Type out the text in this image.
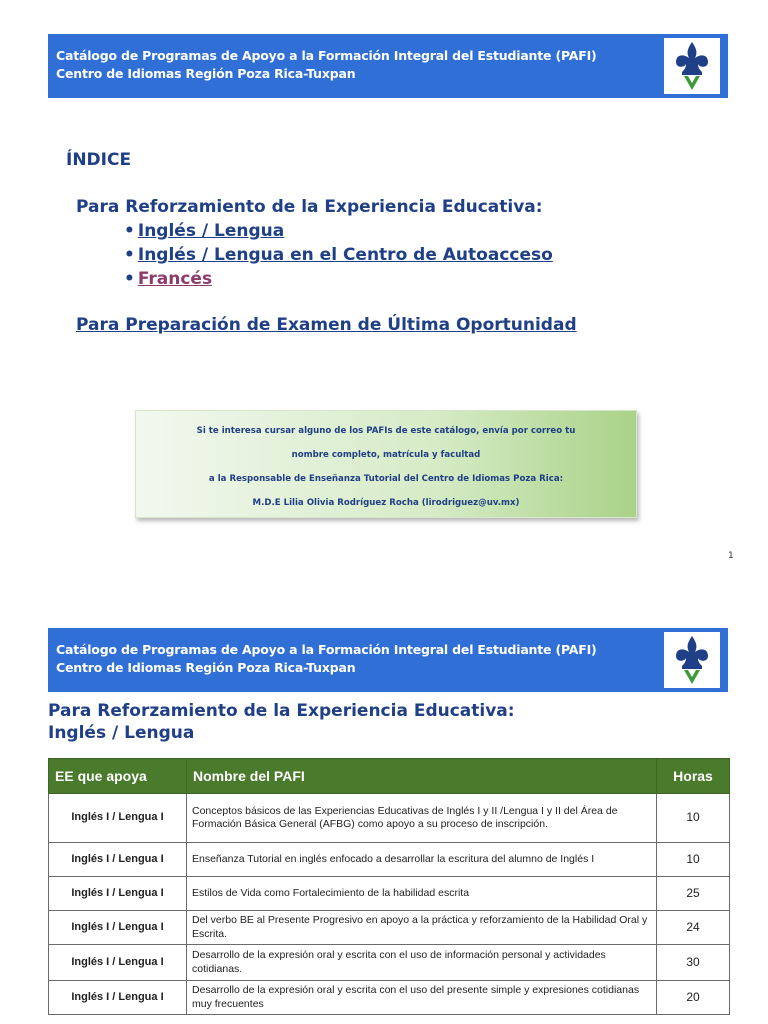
Catálogo de Programas de Apoyo a la Formación Integral del Estudiante (PAFI)
Centro de Idiomas Región Poza Rica-Tuxpan
ÍNDICE
Para Reforzamiento de la Experiencia Educativa:
• Inglés / Lengua
• Inglés / Lengua en el Centro de Autoacceso
• Francés
Para Preparación de Examen de Última Oportunidad
Si te interesa cursar alguno de los PAFIs de este catálogo, envía por correo tu
nombre completo, matrícula y facultad
a la Responsable de Enseñanza Tutorial del Centro de Idiomas Poza Rica:
M.D.E Lilia Olivia Rodríguez Rocha (lirodriguez@uv.mx)
1
Catálogo de Programas de Apoyo a la Formación Integral del Estudiante (PAFI)
Centro de Idiomas Región Poza Rica-Tuxpan
Para Reforzamiento de la Experiencia Educativa:
Inglés / Lengua
EE que apoya	Nombre del PAFI	Horas
Inglés I / Lengua I	Conceptos básicos de las Experiencias Educativas de Inglés I y II /Lengua I y II del Área de Formación Básica General (AFBG) como apoyo a su proceso de inscripción.	10
Inglés I / Lengua I	Enseñanza Tutorial en inglés enfocado a desarrollar la escritura del alumno de Inglés I	10
Inglés I / Lengua I	Estilos de Vida como Fortalecimiento de la habilidad escrita	25
Inglés I / Lengua I	Del verbo BE al Presente Progresivo en apoyo a la práctica y reforzamiento de la Habilidad Oral y Escrita.	24
Inglés I / Lengua I	Desarrollo de la expresión oral y escrita con el uso de información personal y actividades cotidianas.	30
Inglés I / Lengua I	Desarrollo de la expresión oral y escrita con el uso del presente simple y expresiones cotidianas muy frecuentes	20
